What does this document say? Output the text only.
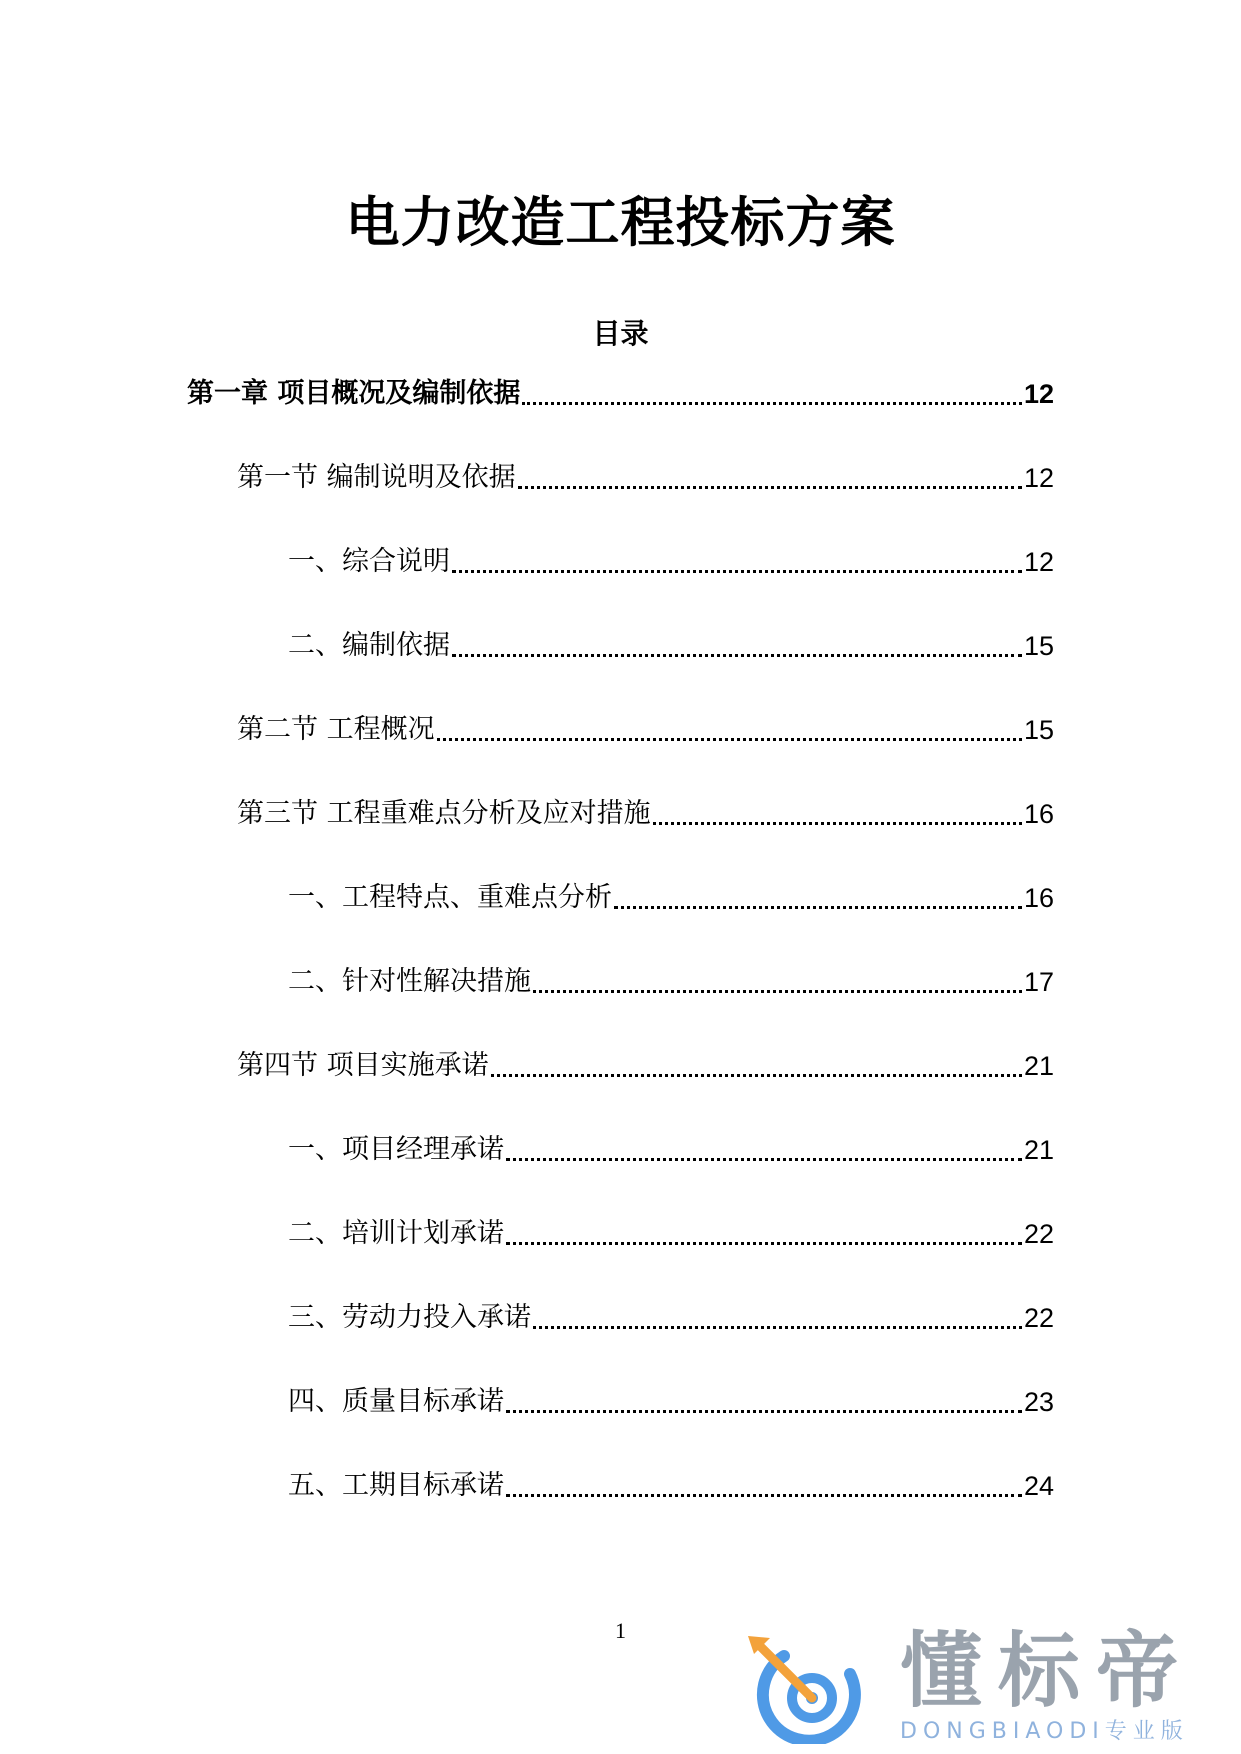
电力改造工程投标方案
目录
第一章 项目概况及编制依据	12
第一节 编制说明及依据	12
一、综合说明	12
二、编制依据	15
第二节 工程概况	15
第三节 工程重难点分析及应对措施	16
一、工程特点、重难点分析	16
二、针对性解决措施	17
第四节 项目实施承诺	21
一、项目经理承诺	21
二、培训计划承诺	22
三、劳动力投入承诺	22
四、质量目标承诺	23
五、工期目标承诺	24
1	懂标帝
DONGBIAODI专业版
